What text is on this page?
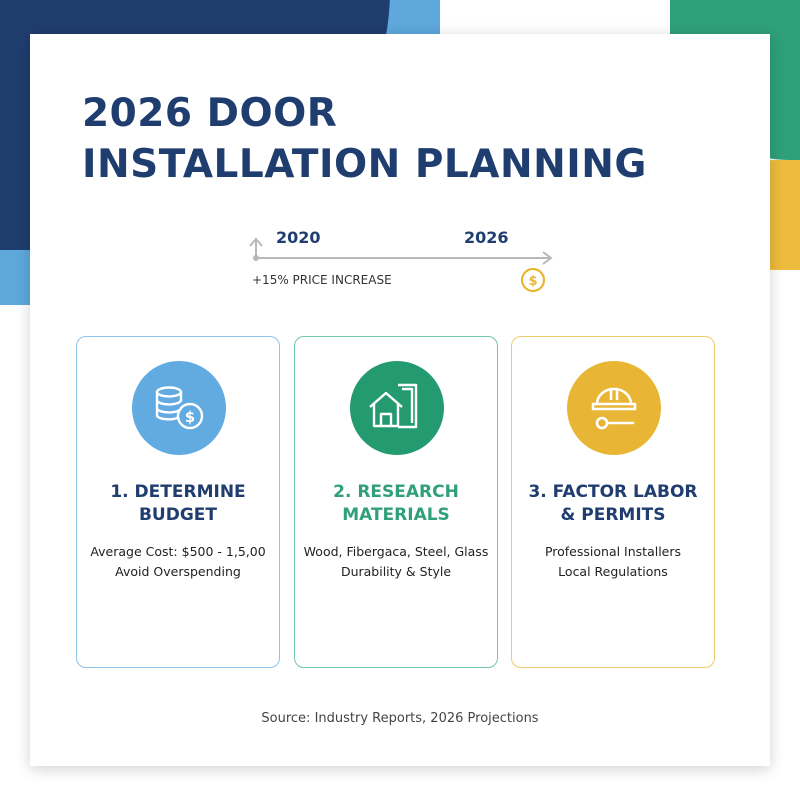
2026 DOOR
INSTALLATION PLANNING
$
2020	2026
+15% PRICE INCREASE
$
1. DETERMINE
BUDGET
Average Cost: $500 - 1,5,00
Avoid Overspending
2. RESEARCH
MATERIALS
Wood, Fibergaca, Steel, Glass
Durability & Style
3. FACTOR LABOR
& PERMITS
Professional Installers
Local Regulations
Source: Industry Reports, 2026 Projections
